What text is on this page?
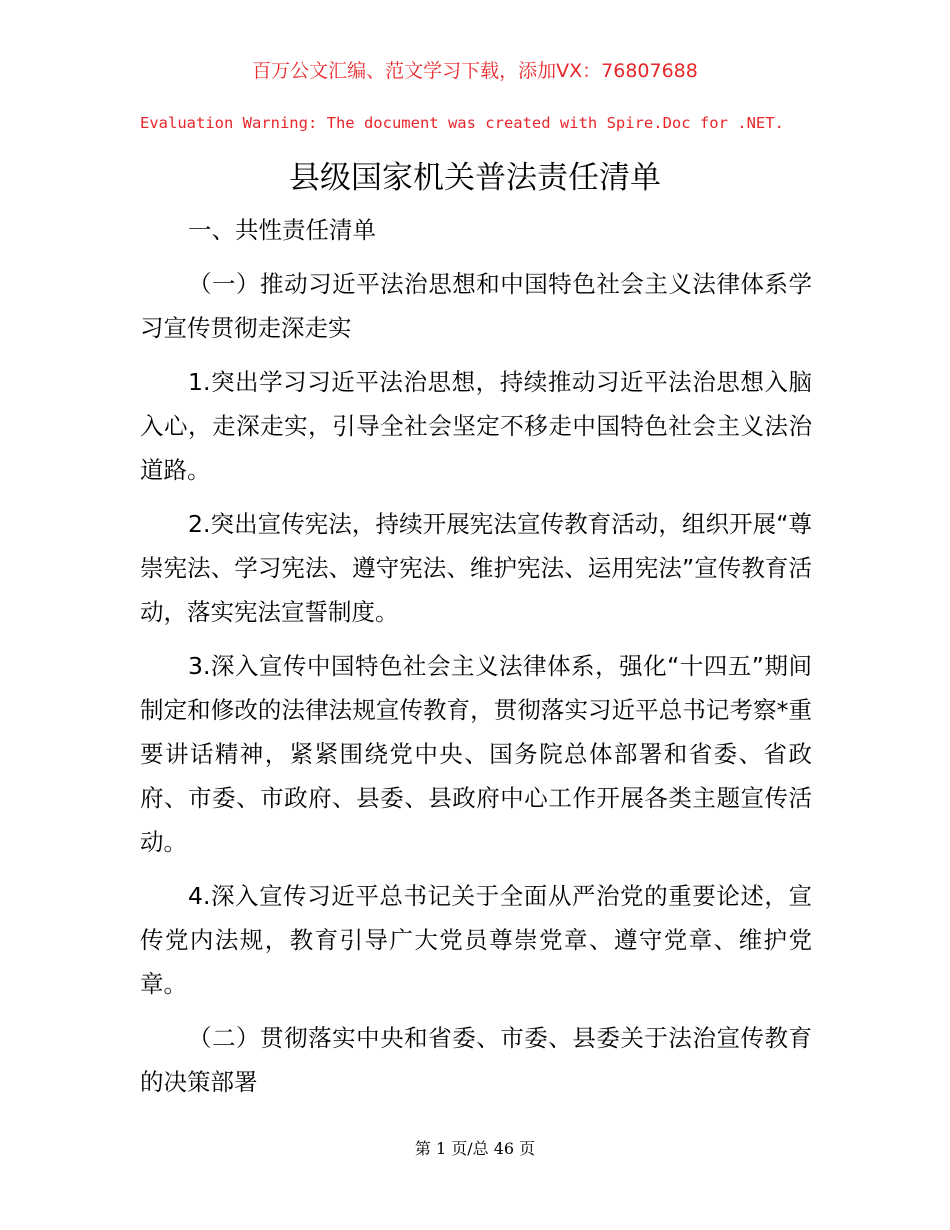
百万公文汇编、范文学习下载，添加VX：76807688
Evaluation Warning: The document was created with Spire.Doc for .NET.
县级国家机关普法责任清单

一、共性责任清单

（一）推动习近平法治思想和中国特色社会主义法律体系学习宣传贯彻走深走实

1.突出学习习近平法治思想，持续推动习近平法治思想入脑入心，走深走实，引导全社会坚定不移走中国特色社会主义法治道路。

2.突出宣传宪法，持续开展宪法宣传教育活动，组织开展“尊崇宪法、学习宪法、遵守宪法、维护宪法、运用宪法”宣传教育活动，落实宪法宣誓制度。

3.深入宣传中国特色社会主义法律体系，强化“十四五”期间制定和修改的法律法规宣传教育，贯彻落实习近平总书记考察*重要讲话精神，紧紧围绕党中央、国务院总体部署和省委、省政府、市委、市政府、县委、县政府中心工作开展各类主题宣传活动。

4.深入宣传习近平总书记关于全面从严治党的重要论述，宣传党内法规，教育引导广大党员尊崇党章、遵守党章、维护党章。

（二）贯彻落实中央和省委、市委、县委关于法治宣传教育的决策部署

第 1 页/总 46 页
